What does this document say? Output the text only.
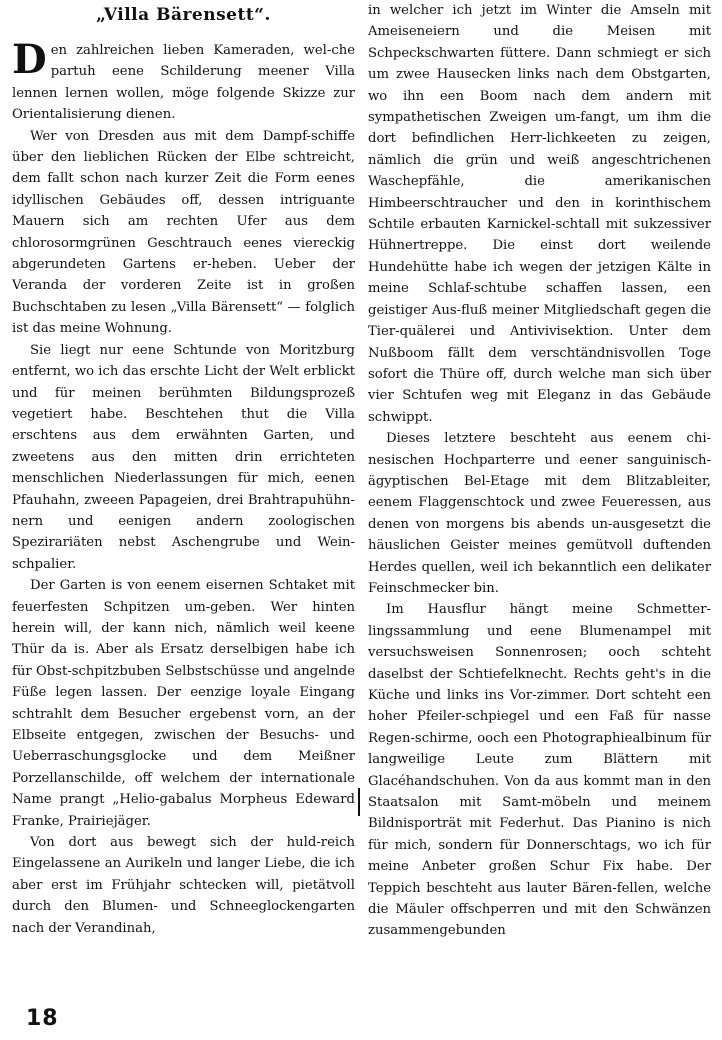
„Villa Bärensett“.

Den zahlreichen lieben Kameraden, wel-che partuh eene Schilderung meener Villa lennen lernen wollen, möge folgende Skizze zur Orientalisierung dienen.

Wer von Dresden aus mit dem Dampf-schiffe über den lieblichen Rücken der Elbe schtreicht, dem fallt schon nach kurzer Zeit die Form eenes idyllischen Gebäudes off, dessen intriguante Mauern sich am rechten Ufer aus dem chlorosormgrünen Geschtrauch eenes viereckig abgerundeten Gartens er-heben. Ueber der Veranda der vorderen Zeite ist in großen Buchschtaben zu lesen „Villa Bärensett“ — folglich ist das meine Wohnung.

Sie liegt nur eene Schtunde von Moritzburg entfernt, wo ich das erschte Licht der Welt erblickt und für meinen berühmten Bildungsprozeß vegetiert habe. Beschtehen thut die Villa erschtens aus dem erwähnten Garten, und zweetens aus den mitten drin errichteten menschlichen Niederlassungen für mich, eenen Pfauhahn, zweeen Papageien, drei Brahtrapuhühn-nern und eenigen andern zoologischen Spezirariäten nebst Aschengrube und Wein-schpalier.

Der Garten is von eenem eisernen Schtaket mit feuerfesten Schpitzen um-geben. Wer hinten herein will, der kann nich, nämlich weil keene Thür da is. Aber als Ersatz derselbigen habe ich für Obst-schpitzbuben Selbstschüsse und angelnde Füße legen lassen. Der eenzige loyale Eingang schtrahlt dem Besucher ergebenst vorn, an der Elbseite entgegen, zwischen der Besuchs- und Ueberraschungsglocke und dem Meißner Porzellanschilde, off welchem der internationale Name prangt „Helio-gabalus Morpheus Edeward Franke, Prairiejäger.

Von dort aus bewegt sich der huld-reich Eingelassene an Aurikeln und langer Liebe, die ich aber erst im Frühjahr schtecken will, pietätvoll durch den Blumen- und Schneeglockengarten nach der Verandinah,

in welcher ich jetzt im Winter die Amseln mit Ameiseneiern und die Meisen mit Schpeckschwarten füttere. Dann schmiegt er sich um zwee Hausecken links nach dem Obstgarten, wo ihn een Boom nach dem andern mit sympathetischen Zweigen um-fangt, um ihm die dort befindlichen Herr-lichkeeten zu zeigen, nämlich die grün und weiß angeschtrichenen Waschepfähle, die amerikanischen Himbeerschtraucher und den in korinthischem Schtile erbauten Karnickel-schtall mit sukzessiver Hühnertreppe. Die einst dort weilende Hundehütte habe ich wegen der jetzigen Kälte in meine Schlaf-schtube schaffen lassen, een geistiger Aus-fluß meiner Mitgliedschaft gegen die Tier-quälerei und Antivivisektion. Unter dem Nußboom fällt dem verschtändnisvollen Toge sofort die Thüre off, durch welche man sich über vier Schtufen weg mit Eleganz in das Gebäude schwippt.

Dieses letztere beschteht aus eenem chi-nesischen Hochparterre und eener sanguinisch-ägyptischen Bel-Etage mit dem Blitzableiter, eenem Flaggenschtock und zwee Feueressen, aus denen von morgens bis abends un-ausgesetzt die häuslichen Geister meines gemütvoll duftenden Herdes quellen, weil ich bekanntlich een delikater Feinschmecker bin.

Im Hausflur hängt meine Schmetter-lingssammlung und eene Blumenampel mit versuchsweisen Sonnenrosen; ooch schteht daselbst der Schtiefelknecht. Rechts geht's in die Küche und links ins Vor-zimmer. Dort schteht een hoher Pfeiler-schpiegel und een Faß für nasse Regen-schirme, ooch een Photographiealbinum für langweilige Leute zum Blättern mit Glacéhandschuhen. Von da aus kommt man in den Staatsalon mit Samt-möbeln und meinem Bildnisporträt mit Federhut. Das Pianino is nich für mich, sondern für Donnerschtags, wo ich für meine Anbeter großen Schur Fix habe. Der Teppich beschteht aus lauter Bären-fellen, welche die Mäuler offschperren und mit den Schwänzen zusammengebunden

18
